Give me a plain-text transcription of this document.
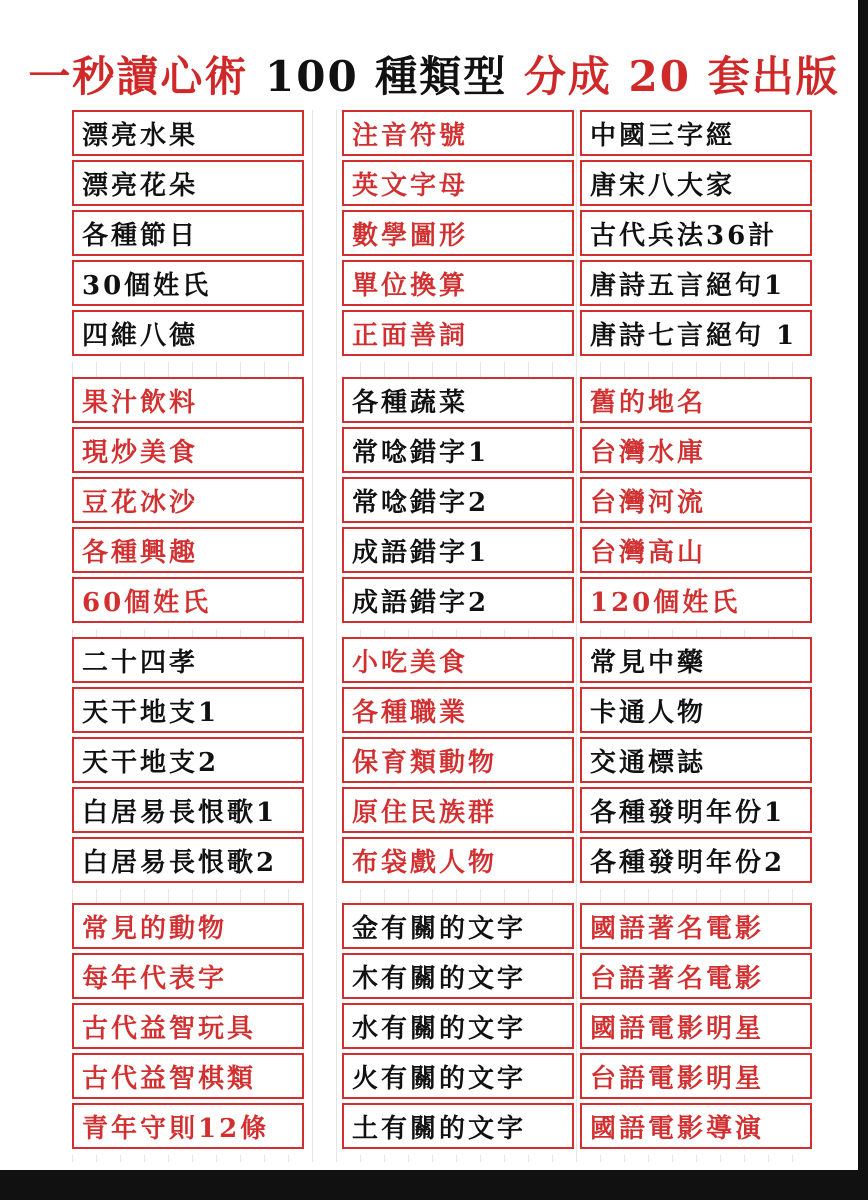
一秒讀心術 100 種類型 分成 20 套出版
漂亮水果
漂亮花朵
各種節日
30個姓氏
四維八德
注音符號
英文字母
數學圖形
單位換算
正面善詞
中國三字經
唐宋八大家
古代兵法36計
唐詩五言絕句1
唐詩七言絕句 1
果汁飲料
現炒美食
豆花冰沙
各種興趣
60個姓氏
各種蔬菜
常唸錯字1
常唸錯字2
成語錯字1
成語錯字2
舊的地名
台灣水庫
台灣河流
台灣高山
120個姓氏
二十四孝
天干地支1
天干地支2
白居易長恨歌1
白居易長恨歌2
小吃美食
各種職業
保育類動物
原住民族群
布袋戲人物
常見中藥
卡通人物
交通標誌
各種發明年份1
各種發明年份2
常見的動物
每年代表字
古代益智玩具
古代益智棋類
青年守則12條
金有關的文字
木有關的文字
水有關的文字
火有關的文字
土有關的文字
國語著名電影
台語著名電影
國語電影明星
台語電影明星
國語電影導演
